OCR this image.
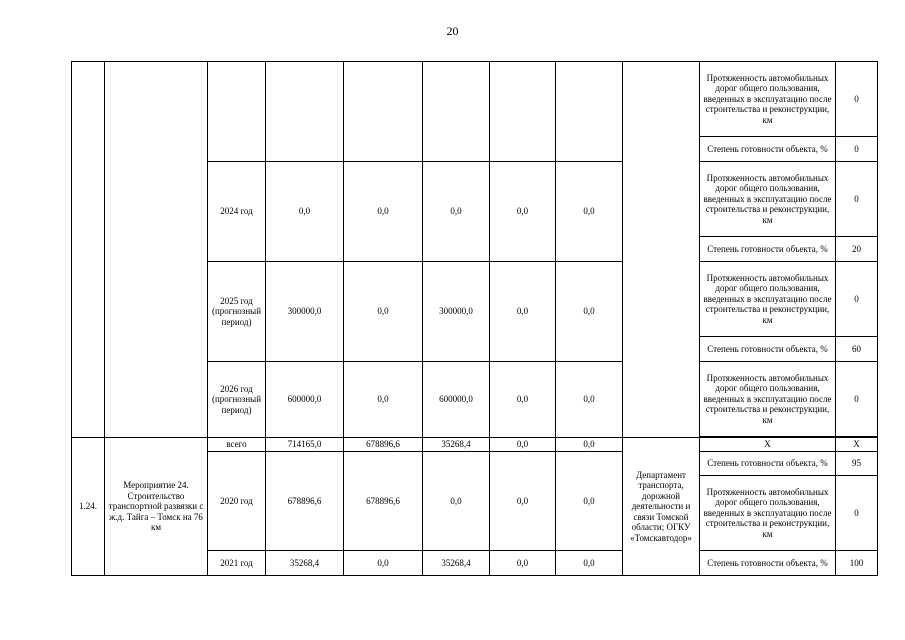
20
									Протяженность автомобильных дорог общего пользования, введенных в эксплуатацию после строительства и реконструкции, км	0
									Степень готовности объекта, %	0
		2024 год	0,0	0,0	0,0	0,0	0,0		Протяженность автомобильных дорог общего пользования, введенных в эксплуатацию после строительства и реконструкции, км	0
									Степень готовности объекта, %	20
		2025 год (прогнозный период)	300000,0	0,0	300000,0	0,0	0,0		Протяженность автомобильных дорог общего пользования, введенных в эксплуатацию после строительства и реконструкции, км	0
									Степень готовности объекта, %	60
		2026 год (прогнозный период)	600000,0	0,0	600000,0	0,0	0,0		Протяженность автомобильных дорог общего пользования, введенных в эксплуатацию после строительства и реконструкции, км	0

1.24.	Мероприятие 24. Строительство транспортной развязки с ж.д. Тайга – Томск на 76 км	всего	714165,0	678896,6	35268,4	0,0	0,0	Департамент транспорта, дорожной деятельности и связи Томской области; ОГКУ «Томскавтодор»	Х	Х
		2020 год	678896,6	678896,6	0,0	0,0	0,0		Степень готовности объекта, %	95
									Протяженность автомобильных дорог общего пользования, введенных в эксплуатацию после строительства и реконструкции, км	0
		2021 год	35268,4	0,0	35268,4	0,0	0,0		Степень готовности объекта, %	100
